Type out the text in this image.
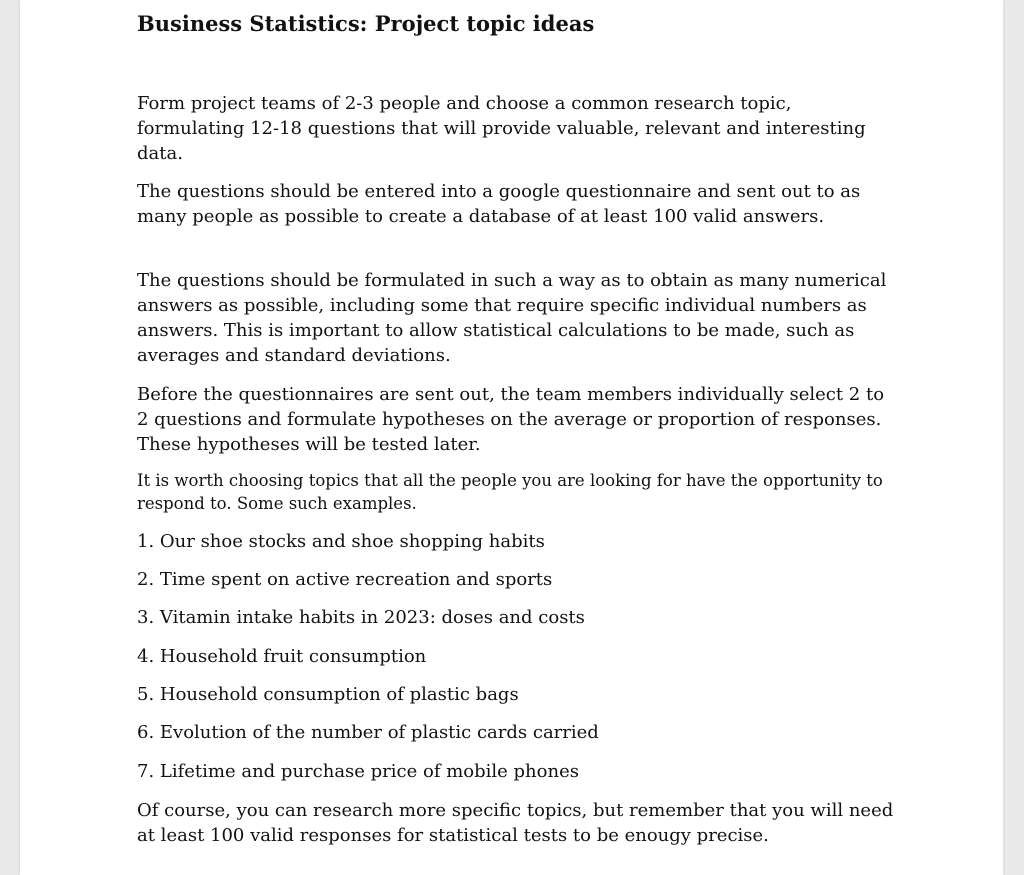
Business Statistics: Project topic ideas

Form project teams of 2-3 people and choose a common research topic, formulating 12-18 questions that will provide valuable, relevant and interesting data.

The questions should be entered into a google questionnaire and sent out to as many people as possible to create a database of at least 100 valid answers.

The questions should be formulated in such a way as to obtain as many numerical answers as possible, including some that require specific individual numbers as answers. This is important to allow statistical calculations to be made, such as averages and standard deviations.

Before the questionnaires are sent out, the team members individually select 2 to 2 questions and formulate hypotheses on the average or proportion of responses. These hypotheses will be tested later.

It is worth choosing topics that all the people you are looking for have the opportunity to respond to. Some such examples.

1. Our shoe stocks and shoe shopping habits
2. Time spent on active recreation and sports
3. Vitamin intake habits in 2023: doses and costs
4. Household fruit consumption
5. Household consumption of plastic bags
6. Evolution of the number of plastic cards carried
7. Lifetime and purchase price of mobile phones

Of course, you can research more specific topics, but remember that you will need at least 100 valid responses for statistical tests to be enougy precise.
